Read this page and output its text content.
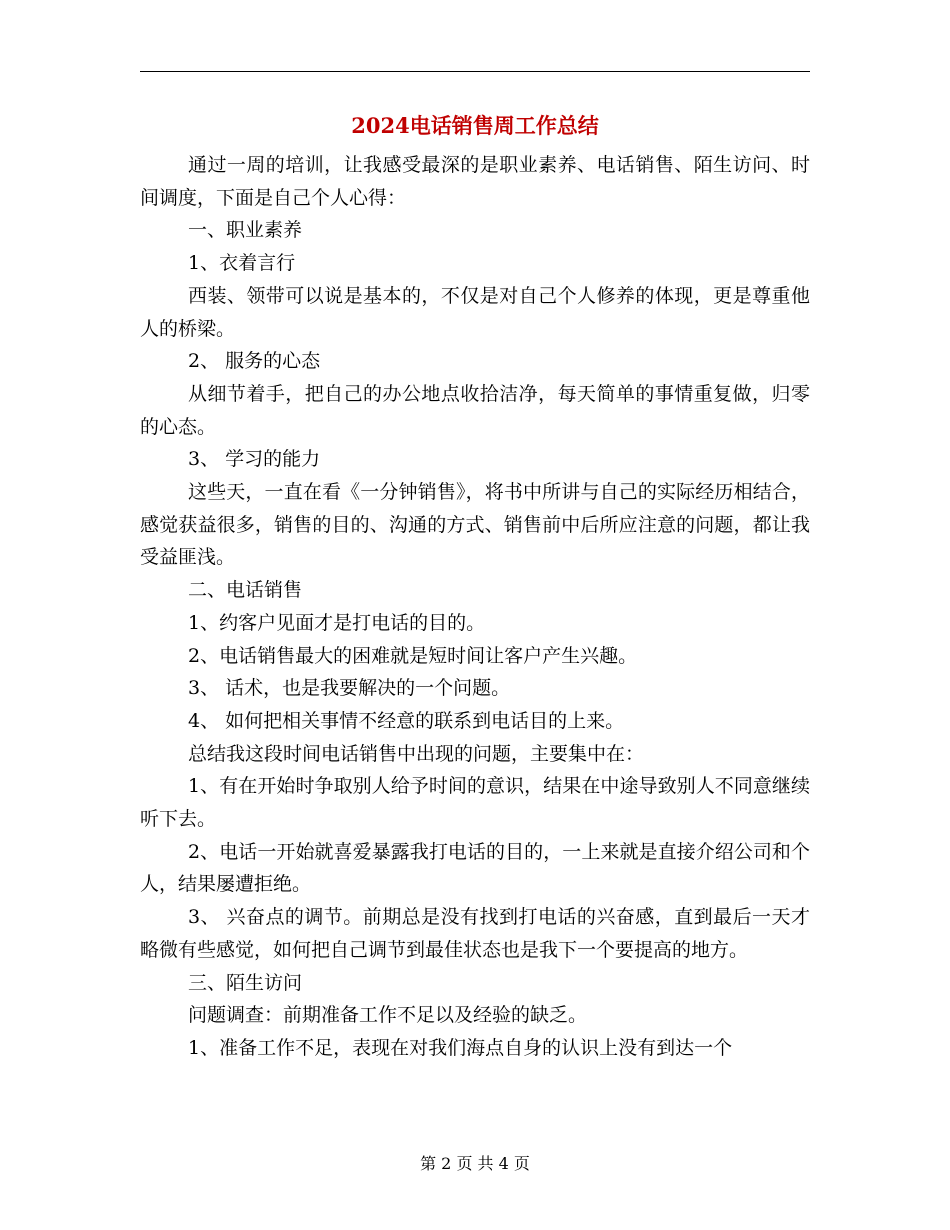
2024电话销售周工作总结

通过一周的培训，让我感受最深的是职业素养、电话销售、陌生访问、时间调度，下面是自己个人心得：

一、职业素养

1、衣着言行

西装、领带可以说是基本的，不仅是对自己个人修养的体现，更是尊重他人的桥梁。

2、 服务的心态

从细节着手，把自己的办公地点收拾洁净，每天简单的事情重复做，归零的心态。

3、 学习的能力

这些天，一直在看《一分钟销售》，将书中所讲与自己的实际经历相结合，感觉获益很多，销售的目的、沟通的方式、销售前中后所应注意的问题，都让我受益匪浅。

二、电话销售

1、约客户见面才是打电话的目的。

2、电话销售最大的困难就是短时间让客户产生兴趣。

3、 话术，也是我要解决的一个问题。

4、 如何把相关事情不经意的联系到电话目的上来。

总结我这段时间电话销售中出现的问题，主要集中在：

1、有在开始时争取别人给予时间的意识，结果在中途导致别人不同意继续听下去。

2、电话一开始就喜爱暴露我打电话的目的，一上来就是直接介绍公司和个人，结果屡遭拒绝。

3、 兴奋点的调节。前期总是没有找到打电话的兴奋感，直到最后一天才略微有些感觉，如何把自己调节到最佳状态也是我下一个要提高的地方。

三、陌生访问

问题调查：前期准备工作不足以及经验的缺乏。

1、准备工作不足，表现在对我们海点自身的认识上没有到达一个

第 2 页 共 4 页
